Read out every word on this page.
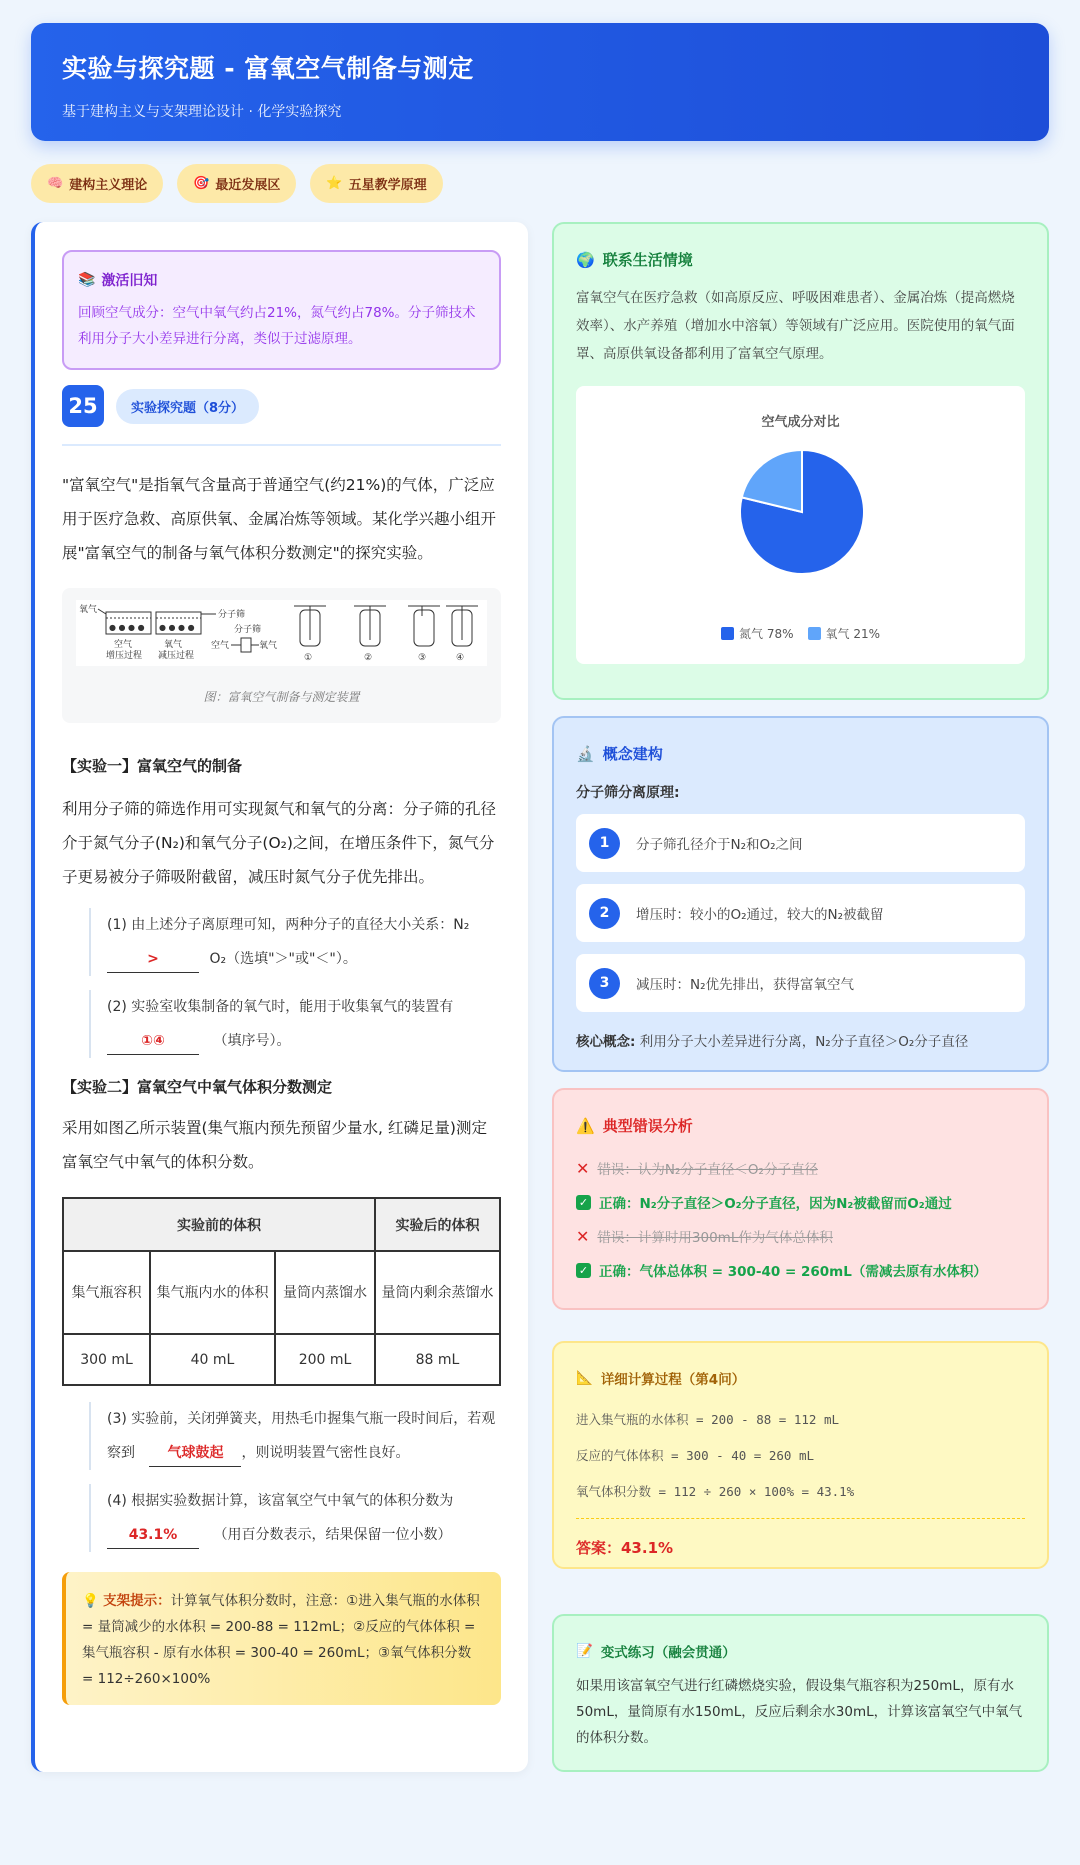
实验与探究题 - 富氧空气制备与测定
基于建构主义与支架理论设计 · 化学实验探究
🧠 建构主义理论	🎯 最近发展区	⭐ 五星教学原理
📚 激活旧知
回顾空气成分：空气中氧气约占21%，氮气约占78%。分子筛技术利用分子大小差异进行分离，类似于过滤原理。
25	实验探究题（8分）
"富氧空气"是指氧气含量高于普通空气(约21%)的气体，广泛应用于医疗急救、高原供氧、金属冶炼等领域。某化学兴趣小组开展"富氧空气的制备与氧气体积分数测定"的探究实验。
氧气
● ● ● ● ● ● ● ●
分子筛
空气
增压过程
氧气
减压过程
分子筛
空气	氧气
①	②	③	④
图：富氧空气制备与测定装置
【实验一】富氧空气的制备
利用分子筛的筛选作用可实现氮气和氧气的分离：分子筛的孔径介于氮气分子(N₂)和氧气分子(O₂)之间，在增压条件下，氮气分子更易被分子筛吸附截留，减压时氮气分子优先排出。
(1) 由上述分子离原理可知，两种分子的直径大小关系：N₂
>	O₂（选填"＞"或"＜"）。
(2) 实验室收集制备的氧气时，能用于收集氧气的装置有
①④	（填序号）。
【实验二】富氧空气中氧气体积分数测定
采用如图乙所示装置(集气瓶内预先预留少量水, 红磷足量)测定富氧空气中氧气的体积分数。
实验前的体积			实验后的体积
集气瓶容积	集气瓶内水的体积	量筒内蒸馏水	量筒内剩余蒸馏水
300 mL	40 mL	200 mL	88 mL
(3) 实验前，关闭弹簧夹，用热毛巾握集气瓶一段时间后，若观察到 气球鼓起 ，则说明装置气密性良好。
(4) 根据实验数据计算，该富氧空气中氧气的体积分数为
43.1%	（用百分数表示，结果保留一位小数）
💡 支架提示：计算氧气体积分数时，注意：①进入集气瓶的水体积 = 量筒减少的水体积 = 200-88 = 112mL；②反应的气体体积 = 集气瓶容积 - 原有水体积 = 300-40 = 260mL；③氧气体积分数 = 112÷260×100%
🌍 联系生活情境
富氧空气在医疗急救（如高原反应、呼吸困难患者）、金属冶炼（提高燃烧效率）、水产养殖（增加水中溶氧）等领域有广泛应用。医院使用的氧气面罩、高原供氧设备都利用了富氧空气原理。
空气成分对比
氮气 78%	氧气 21%
🔬 概念建构
分子筛分离原理:
1	分子筛孔径介于N₂和O₂之间
2	增压时：较小的O₂通过，较大的N₂被截留
3	减压时：N₂优先排出，获得富氧空气
核心概念: 利用分子大小差异进行分离，N₂分子直径＞O₂分子直径
⚠️ 典型错误分析
✕ 错误：认为N₂分子直径＜O₂分子直径
✓ 正确：N₂分子直径＞O₂分子直径，因为N₂被截留而O₂通过
✕ 错误：计算时用300mL作为气体总体积
✓ 正确：气体总体积 = 300-40 = 260mL（需减去原有水体积）
📐 详细计算过程（第4问）
进入集气瓶的水体积 = 200 - 88 = 112 mL
反应的气体体积 = 300 - 40 = 260 mL
氧气体积分数 = 112 ÷ 260 × 100% = 43.1%
答案：43.1%
📝 变式练习（融会贯通）
如果用该富氧空气进行红磷燃烧实验，假设集气瓶容积为250mL，原有水50mL，量筒原有水150mL，反应后剩余水30mL，计算该富氧空气中氧气的体积分数。
